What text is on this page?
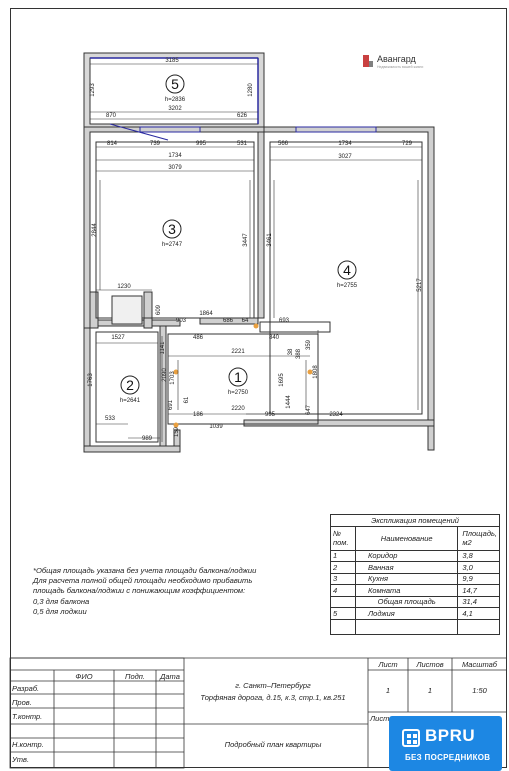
3185
1293	1280
3202
870	626
814	739	995	531
1734
3079
566	1734	729
3027
2844
3447	3461
5217
1230
609	1864
903	686 64	693
1527
1141
486
2221
840
38 388
359
1763	2090 1703	1695
1808
691 61
186
2220
995
1444
647
533
989
159	1039
2324
1
h=2750
2
h=2641
3
h=2747
4
h=2755
5
h=2836
Авангард
Недвижимость вашей жизни
*Общая площадь указана без учета площади балкона/лоджии
Для расчета полной общей площади необходимо прибавить
площадь балкона/лоджии с понижающим коэффициентом:
0,3 для балкона
0,5 для лоджии
Экспликация помещений		
№ пом.	Наименование	Площадь, м2
1	Коридор	3,8
2	Ванная	3,0
3	Кухня	9,9
4	Комната	14,7
	Общая площадь	31,4
5	Лоджия	4,1

ФИО	Подп.	Дата
Разраб.
Пров.
Т.контр.
Н.контр.
Утв.
г. Санкт–Петербург
Торфяная дорога, д.15, к.3, стр.1, кв.251
Подробный план квартиры
Лист	Листов	Масштаб
1	1	1:50
Лист
BPRU
БЕЗ ПОСРЕДНИКОВ
